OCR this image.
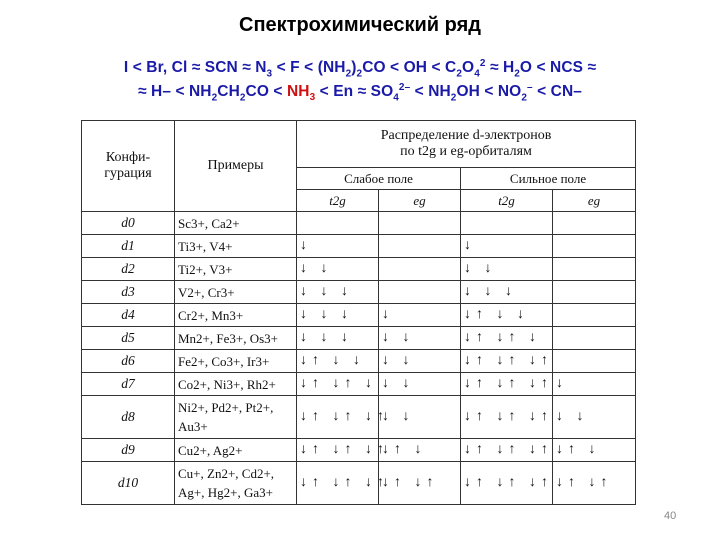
Спектрохимический ряд
I < Br, Cl ≈ SCN ≈ $N_3 < F < (NH_2)_2CO$ < OH < $C_2O_4^2 \approx H_2O$ < NCS ≈
≈ $H- < NH_2CH_2CO < NH_3 < En \approx SO_4^{2-} < NH_2OH < NO_2^- < CN-$
Конфи-
гурация	Примеры	Распределение d-электронов
по t2g и eg-орбиталям			
		Слабое поле		Сильное поле	
		t2g	eg	t2g	eg
d0	Sc3+, Ca2+				

d1	Ti3+, V4+	↓		↓	
d2	Ti2+, V3+	↓ ↓		↓ ↓	
d3	V2+, Cr3+	↓ ↓ ↓		↓ ↓ ↓	
d4	Cr2+, Mn3+	↓ ↓ ↓	↓	↓↑ ↓ ↓	
d5	Mn2+, Fe3+, Os3+	↓ ↓ ↓	↓ ↓	↓↑ ↓↑ ↓	
d6	Fe2+, Co3+, Ir3+	↓↑ ↓ ↓	↓ ↓	↓↑ ↓↑ ↓↑	
d7	Co2+, Ni3+, Rh2+	↓↑ ↓↑ ↓	↓ ↓	↓↑ ↓↑ ↓↑	↓
d8	Ni2+, Pd2+, Pt2+,
Au3+	↓↑ ↓↑ ↓↑	↓ ↓	↓↑ ↓↑ ↓↑	↓ ↓
d9	Cu2+, Ag2+	↓↑ ↓↑ ↓↑	↓↑ ↓	↓↑ ↓↑ ↓↑	↓↑ ↓
d10	Cu+, Zn2+, Cd2+,
Ag+, Hg2+, Ga3+	↓↑ ↓↑ ↓↑	↓↑ ↓↑	↓↑ ↓↑ ↓↑	↓↑ ↓↑
40
